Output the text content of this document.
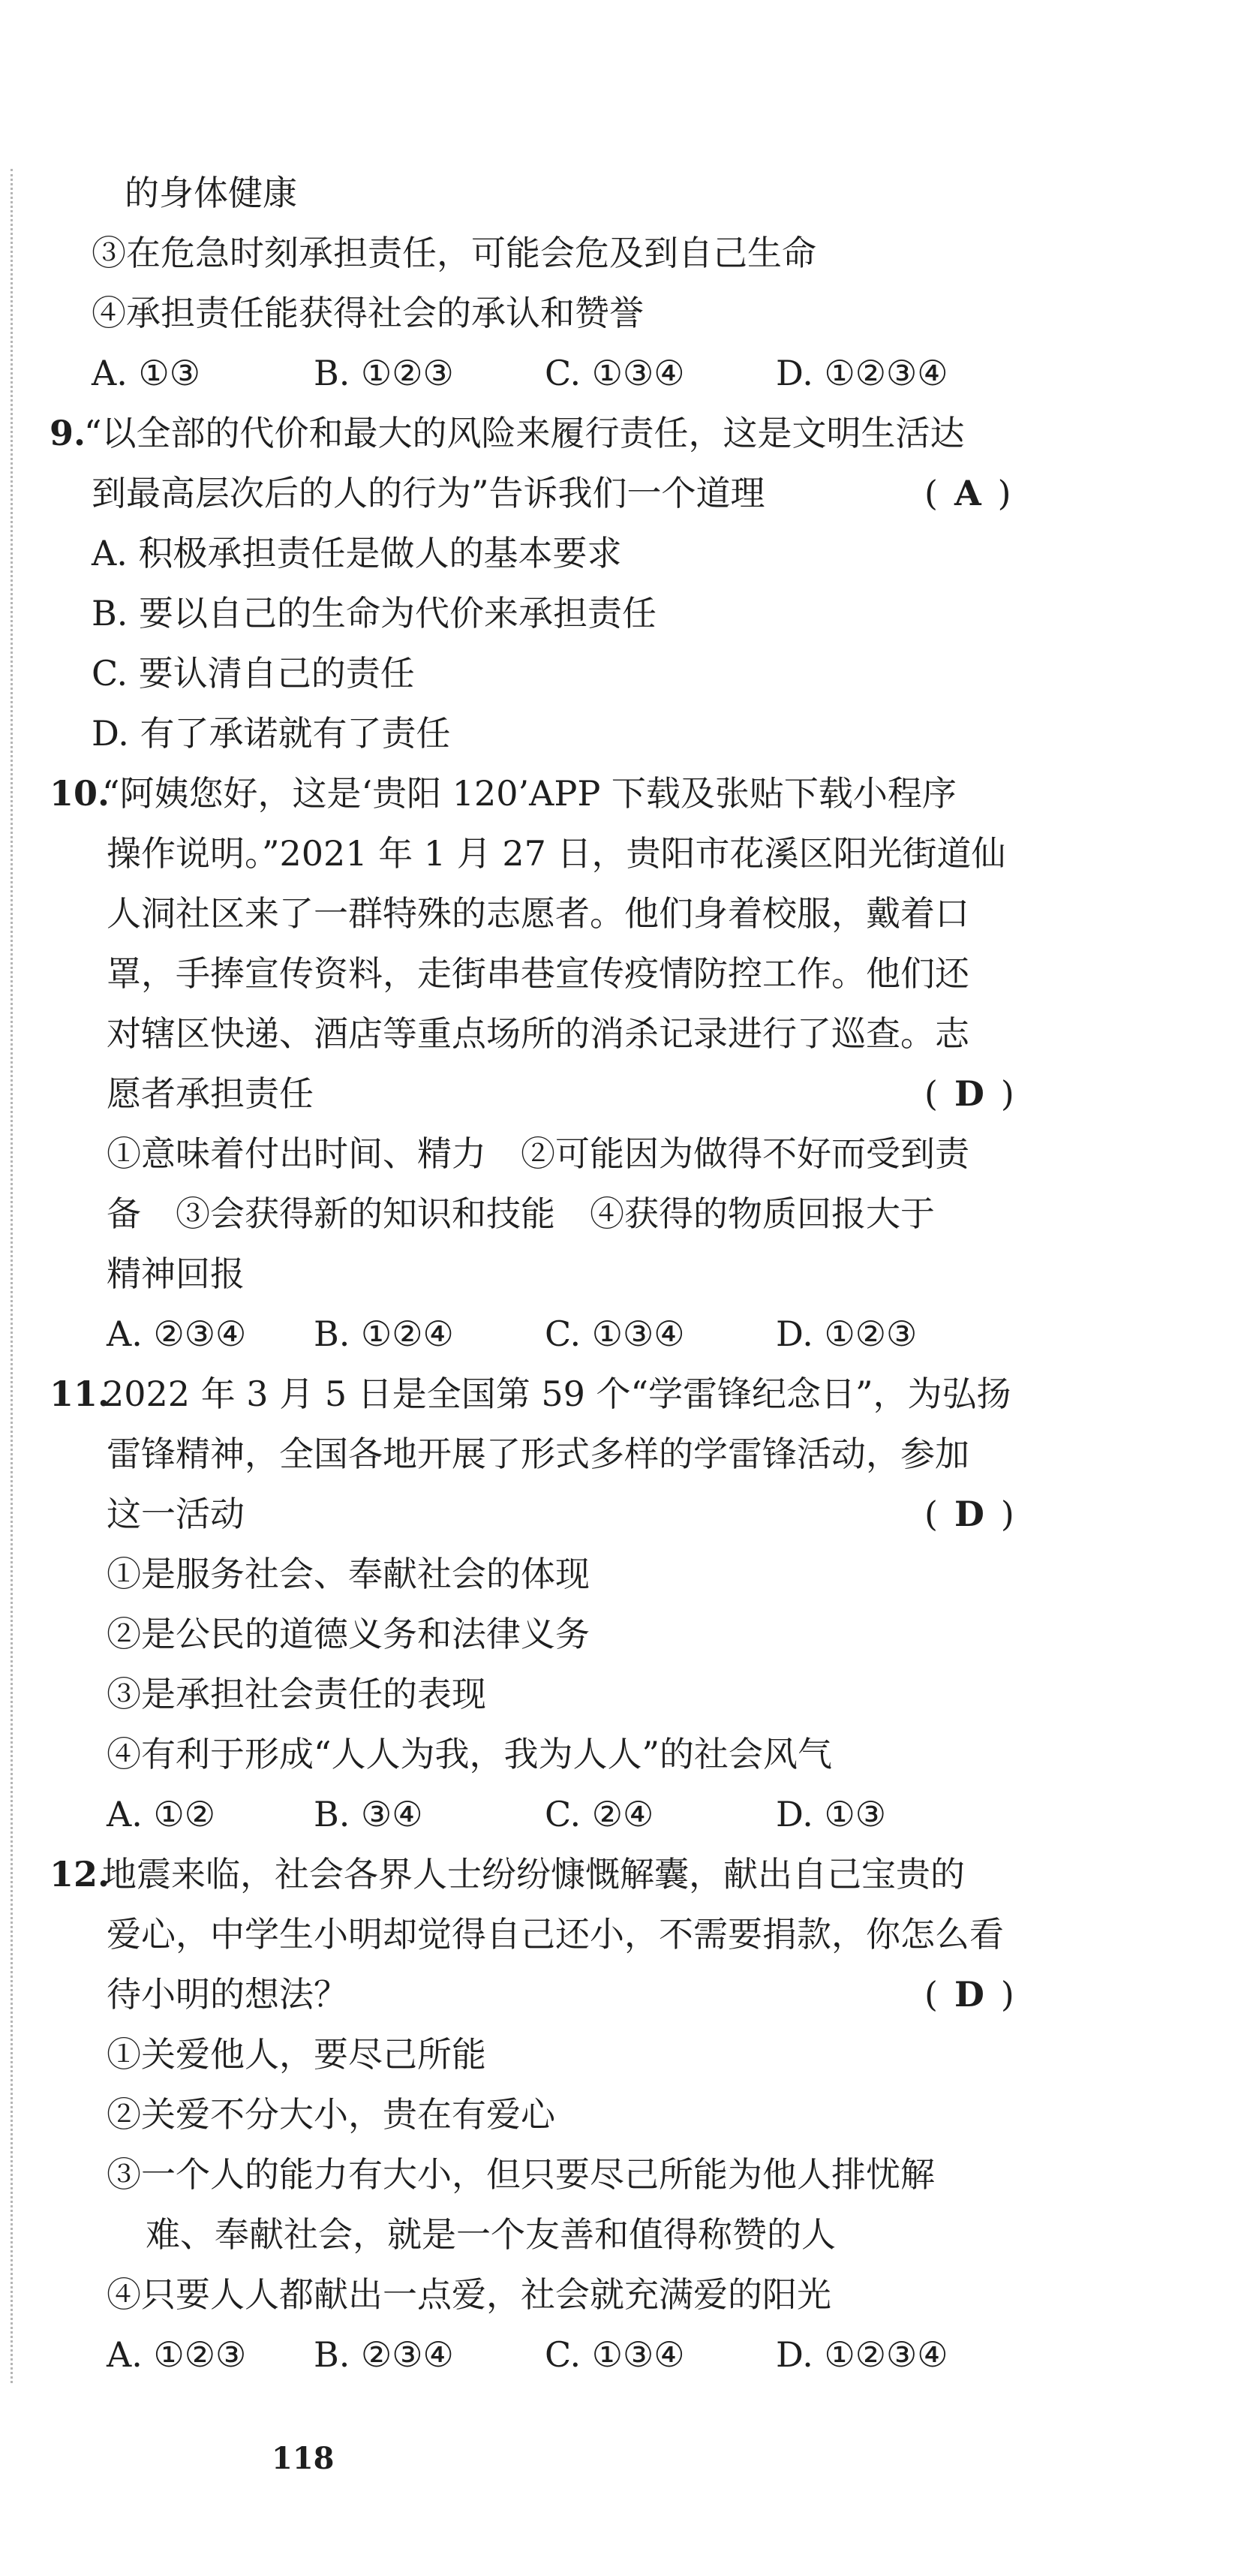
的身体健康
③在危急时刻承担责任，可能会危及到自己生命
④承担责任能获得社会的承认和赞誉
A. ①③	B. ①②③	C. ①③④	D. ①②③④
9.
“以全部的代价和最大的风险来履行责任，这是文明生活达
到最高层次后的人的行为”告诉我们一个道理	( A )
A. 积极承担责任是做人的基本要求
B. 要以自己的生命为代价来承担责任
C. 要认清自己的责任
D. 有了承诺就有了责任
10.
“阿姨您好，这是‘贵阳 120’APP 下载及张贴下载小程序
操作说明。”2021 年 1 月 27 日，贵阳市花溪区阳光街道仙
人洞社区来了一群特殊的志愿者。他们身着校服，戴着口
罩，手捧宣传资料，走街串巷宣传疫情防控工作。他们还
对辖区快递、酒店等重点场所的消杀记录进行了巡查。志
愿者承担责任	( D )
①意味着付出时间、精力　②可能因为做得不好而受到责
备　③会获得新的知识和技能　④获得的物质回报大于
精神回报
A. ②③④ B. ①②④	C. ①③④	D. ①②③
11.
2022 年 3 月 5 日是全国第 59 个“学雷锋纪念日”，为弘扬
雷锋精神，全国各地开展了形式多样的学雷锋活动，参加
这一活动	( D )
①是服务社会、奉献社会的体现
②是公民的道德义务和法律义务
③是承担社会责任的表现
④有利于形成“人人为我，我为人人”的社会风气
A. ①②	B. ③④	C. ②④	D. ①③
12.
地震来临，社会各界人士纷纷慷慨解囊，献出自己宝贵的
爱心，中学生小明却觉得自己还小，不需要捐款，你怎么看
待小明的想法？	( D )
①关爱他人，要尽己所能
②关爱不分大小，贵在有爱心
③一个人的能力有大小，但只要尽己所能为他人排忧解
难、奉献社会，就是一个友善和值得称赞的人
④只要人人都献出一点爱，社会就充满爱的阳光
A. ①②③ B. ②③④	C. ①③④	D. ①②③④
118
